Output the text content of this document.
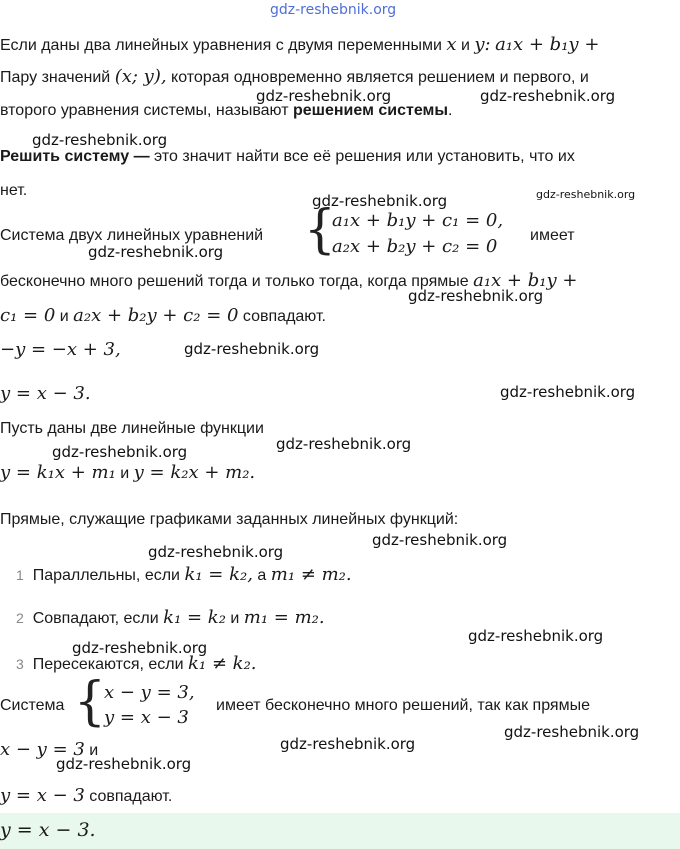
gdz-reshebnik.org
Если даны два линейных уравнения с двумя переменными x и y: a₁x + b₁y +
Пару значений (x; y), которая одновременно является решением и первого, и
gdz-reshebnik.org	gdz-reshebnik.org
второго уравнения системы, называют решением системы.
gdz-reshebnik.org
Решить систему — это значит найти все её решения или установить, что их
нет.
gdz-reshebnik.org	gdz-reshebnik.org
Система двух линейных уравнений {
a₁x + b₁y + c₁ = 0,
a₂x + b₂y + c₂ = 0
имеет
gdz-reshebnik.org
бесконечно много решений тогда и только тогда, когда прямые a₁x + b₁y +
gdz-reshebnik.org
c₁ = 0 и a₂x + b₂y + c₂ = 0 совпадают.
−y = −x + 3,	gdz-reshebnik.org
y = x − 3.	gdz-reshebnik.org
Пусть даны две линейные функции
gdz-reshebnik.org
gdz-reshebnik.org
y = k₁x + m₁ и y = k₂x + m₂.
Прямые, служащие графиками заданных линейных функций:
gdz-reshebnik.org
gdz-reshebnik.org
1 Параллельны, если k₁ = k₂, а m₁ ≠ m₂.
2 Совпадают, если k₁ = k₂ и m₁ = m₂.
gdz-reshebnik.org
gdz-reshebnik.org
3 Пересекаются, если k₁ ≠ k₂.
Система {
x − y = 3,
y = x − 3
имеет бесконечно много решений, так как прямые
gdz-reshebnik.org
x − y = 3 и	gdz-reshebnik.org
gdz-reshebnik.org
y = x − 3 совпадают.
y = x − 3.
